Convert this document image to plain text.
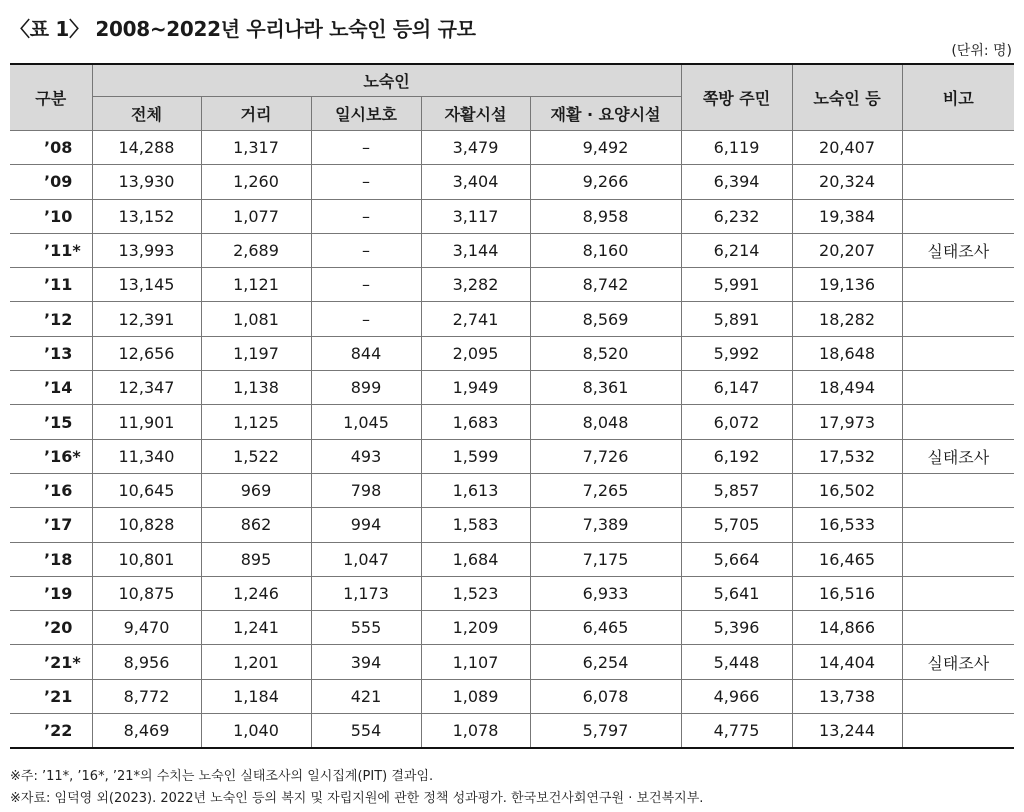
〈표 1〉 2008~2022년 우리나라 노숙인 등의 규모
(단위: 명)
구분	노숙인					쪽방 주민	노숙인 등	비고
	전체	거리	일시보호	자활시설	재활 · 요양시설			
’08	14,288	1,317	–	3,479	9,492	6,119	20,407	
’09	13,930	1,260	–	3,404	9,266	6,394	20,324	
’10	13,152	1,077	–	3,117	8,958	6,232	19,384	
’11*	13,993	2,689	–	3,144	8,160	6,214	20,207	실태조사
’11	13,145	1,121	–	3,282	8,742	5,991	19,136	
’12	12,391	1,081	–	2,741	8,569	5,891	18,282	
’13	12,656	1,197	844	2,095	8,520	5,992	18,648	
’14	12,347	1,138	899	1,949	8,361	6,147	18,494	
’15	11,901	1,125	1,045	1,683	8,048	6,072	17,973	
’16*	11,340	1,522	493	1,599	7,726	6,192	17,532	실태조사
’16	10,645	969	798	1,613	7,265	5,857	16,502	
’17	10,828	862	994	1,583	7,389	5,705	16,533	
’18	10,801	895	1,047	1,684	7,175	5,664	16,465	
’19	10,875	1,246	1,173	1,523	6,933	5,641	16,516	
’20	9,470	1,241	555	1,209	6,465	5,396	14,866	
’21*	8,956	1,201	394	1,107	6,254	5,448	14,404	실태조사
’21	8,772	1,184	421	1,089	6,078	4,966	13,738	
’22	8,469	1,040	554	1,078	5,797	4,775	13,244	
※주: ’11*, ’16*, ’21*의 수치는 노숙인 실태조사의 일시집계(PIT) 결과임.
※자료: 임덕영 외(2023). 2022년 노숙인 등의 복지 및 자립지원에 관한 정책 성과평가. 한국보건사회연구원 · 보건복지부.
